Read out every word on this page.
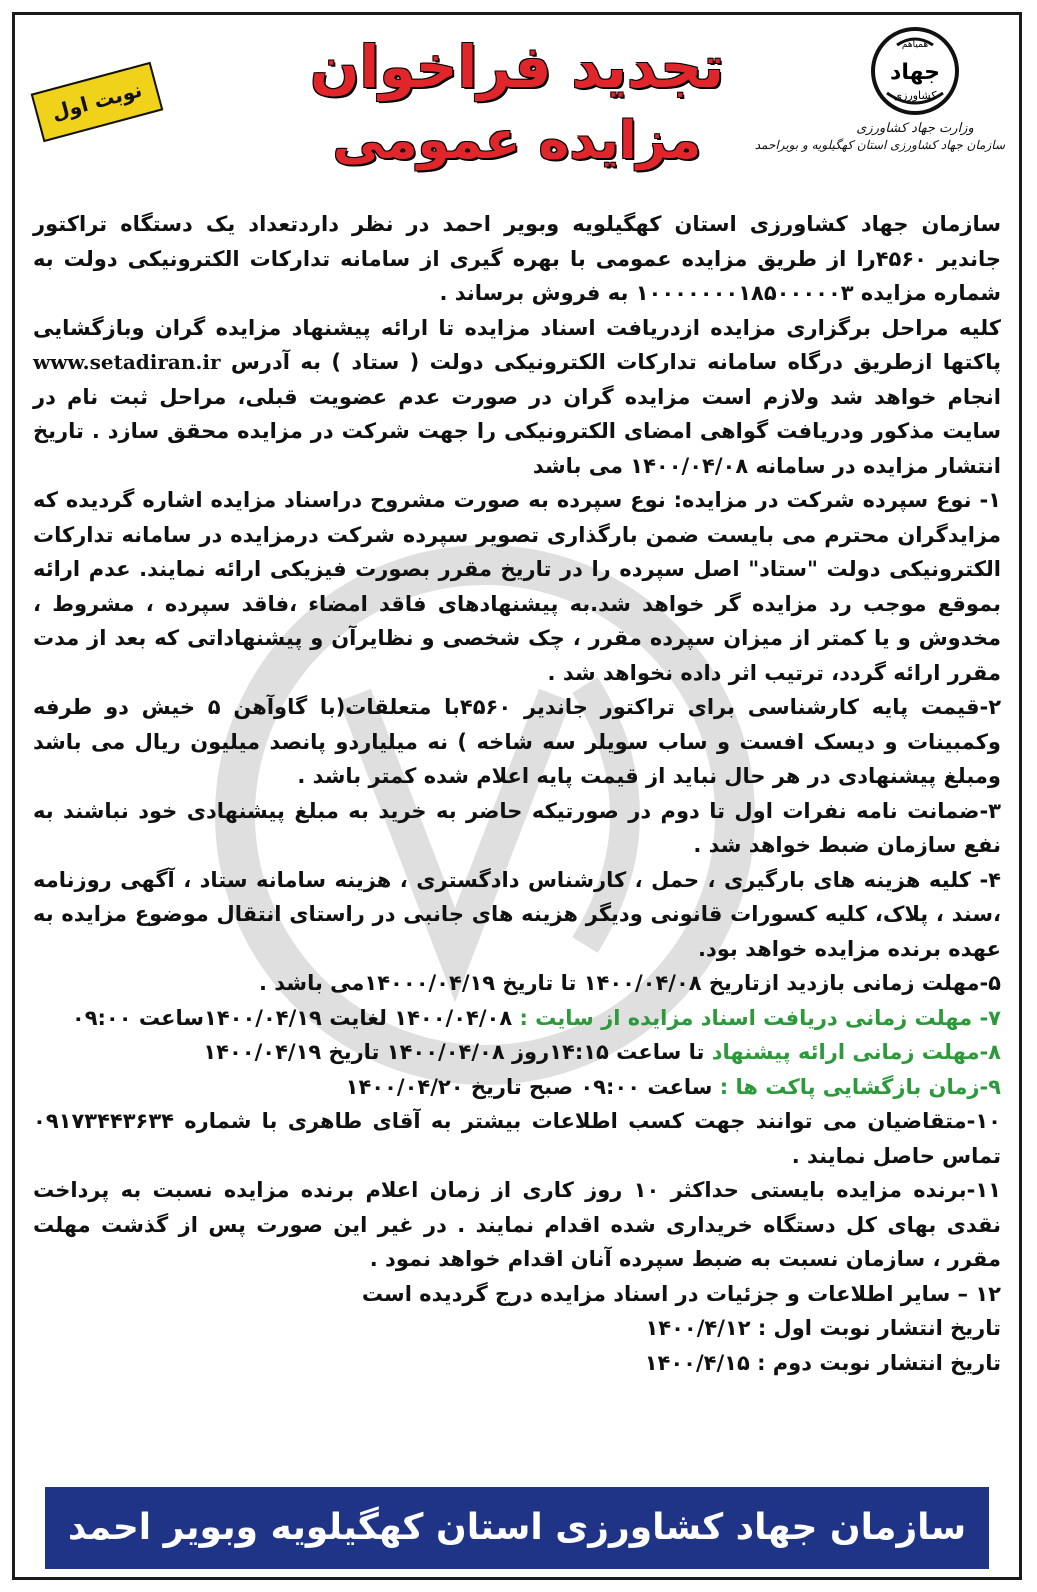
نوبت اول
تجدید فراخوان
مزایده عمومی
همیاهم
جهاد
کشاورزی
وزارت جهاد کشاورزی
سازمان جهاد کشاورزی استان کهگیلویه و بویراحمد

سازمان جهاد کشاورزی استان کهگیلویه وبویر احمد در نظر داردتعداد یک دستگاه تراکتور جاندیر ۴۵۶۰را از طریق مزایده عمومی با بهره گیری از سامانه تدارکات الکترونیکی دولت به شماره مزایده ۱۰۰۰۰۰۰۰۱۸۵۰۰۰۰۰۳ به فروش برساند .

کلیه مراحل برگزاری مزایده ازدریافت اسناد مزایده تا ارائه پیشنهاد مزایده گران وبازگشایی پاکتها ازطریق درگاه سامانه تدارکات الکترونیکی دولت ( ستاد ) به آدرس www.setadiran.ir انجام خواهد شد ولازم است مزایده گران در صورت عدم عضویت قبلی، مراحل ثبت نام در سایت مذکور ودریافت گواهی امضای الکترونیکی را جهت شرکت در مزایده محقق سازد . تاریخ انتشار مزایده در سامانه ۱۴۰۰/۰۴/۰۸ می باشد

۱- نوع سپرده شرکت در مزایده: نوع سپرده به صورت مشروح دراسناد مزایده اشاره گردیده که مزایدگران محترم می بایست ضمن بارگذاری تصویر سپرده شرکت درمزایده در سامانه تدارکات الکترونیکی دولت "ستاد" اصل سپرده را در تاریخ مقرر بصورت فیزیکی ارائه نمایند. عدم ارائه بموقع موجب رد مزایده گر خواهد شد.به پیشنهادهای فاقد امضاء ،فاقد سپرده ، مشروط ، مخدوش و یا کمتر از میزان سپرده مقرر ، چک شخصی و نظایرآن و پیشنهاداتی که بعد از مدت مقرر ارائه گردد، ترتیب اثر داده نخواهد شد .

۲-قیمت پایه کارشناسی برای تراکتور جاندیر ۴۵۶۰با متعلقات(با گاوآهن ۵ خیش دو طرفه وکمبینات و دیسک افست و ساب سویلر سه شاخه ) نه میلیاردو پانصد میلیون ریال می باشد ومبلغ پیشنهادی در هر حال نباید از قیمت پایه اعلام شده کمتر باشد .

۳-ضمانت نامه نفرات اول تا دوم در صورتیکه حاضر به خرید به مبلغ پیشنهادی خود نباشند به نفع سازمان ضبط خواهد شد .

۴- کلیه هزینه های بارگیری ، حمل ، کارشناس دادگستری ، هزینه سامانه ستاد ، آگهی روزنامه ،سند ، پلاک، کلیه کسورات قانونی ودیگر هزینه های جانبی در راستای انتقال موضوع مزایده به عهده برنده مزایده خواهد بود.

۵-مهلت زمانی بازدید ازتاریخ ۱۴۰۰/۰۴/۰۸ تا تاریخ ۱۴۰۰۰/۰۴/۱۹می باشد .

۷- مهلت زمانی دریافت اسناد مزایده از سایت : ۱۴۰۰/۰۴/۰۸ لغایت ۱۴۰۰/۰۴/۱۹ساعت ۰۹:۰۰

۸-مهلت زمانی ارائه پیشنهاد تا ساعت ۱۴:۱۵روز ۱۴۰۰/۰۴/۰۸ تاریخ ۱۴۰۰/۰۴/۱۹

۹-زمان بازگشایی پاکت ها : ساعت ۰۹:۰۰ صبح تاریخ ۱۴۰۰/۰۴/۲۰

۱۰-متقاضیان می توانند جهت کسب اطلاعات بیشتر به آقای طاهری با شماره ۰۹۱۷۳۴۴۳۶۳۴ تماس حاصل نمایند .

۱۱-برنده مزایده بایستی حداکثر ۱۰ روز کاری از زمان اعلام برنده مزایده نسبت به پرداخت نقدی بهای کل دستگاه خریداری شده اقدام نمایند . در غیر این صورت پس از گذشت مهلت مقرر ، سازمان نسبت به ضبط سپرده آنان اقدام خواهد نمود .

۱۲ – سایر اطلاعات و جزئیات در اسناد مزایده درج گردیده است

تاریخ انتشار نوبت اول : ۱۴۰۰/۴/۱۲

تاریخ انتشار نوبت دوم : ۱۴۰۰/۴/۱۵

سازمان جهاد کشاورزی استان کهگیلویه وبویر احمد
